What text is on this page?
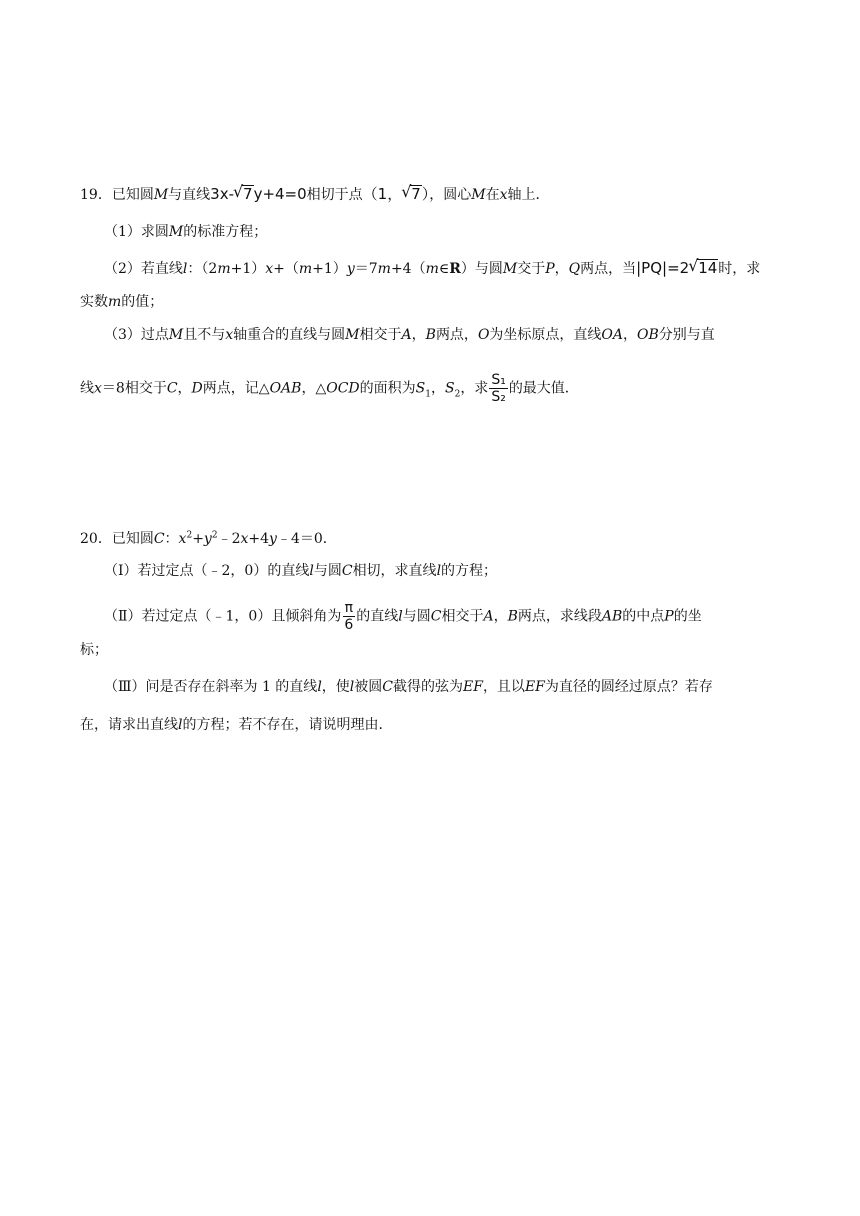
19．已知圆M与直线3x- √ 7y+4=0相切于点（1， √ 7），圆心M在x轴上．
（1）求圆M的标准方程；
（2）若直线l：（2m+1）x+（m+1）y＝7m+4（m∈R）与圆M交于P，Q两点，当|PQ|=2 √ 14时，求
实数m的值；
（3）过点M且不与x轴重合的直线与圆M相交于A，B两点，O为坐标原点，直线OA，OB分别与直
线x＝8相交于C，D两点，记△OAB，△OCD的面积为$S_1$，$S_2$，求 $\frac{\text{S₁}}{\text{S₂}}$ 的最大值．
20．已知圆C：$x^2+y^2﹣2x+4y﹣4=0$．
（Ⅰ）若过定点（﹣2，0）的直线l与圆C相切，求直线l的方程；
（Ⅱ）若过定点（﹣1，0）且倾斜角为 $\frac{\pi}{6}$ 的直线l与圆C相交于A，B两点，求线段AB的中点P的坐
标；
（Ⅲ）问是否存在斜率为 1 的直线l，使l被圆C截得的弦为EF，且以EF为直径的圆经过原点？若存
在，请求出直线l的方程；若不存在，请说明理由．
